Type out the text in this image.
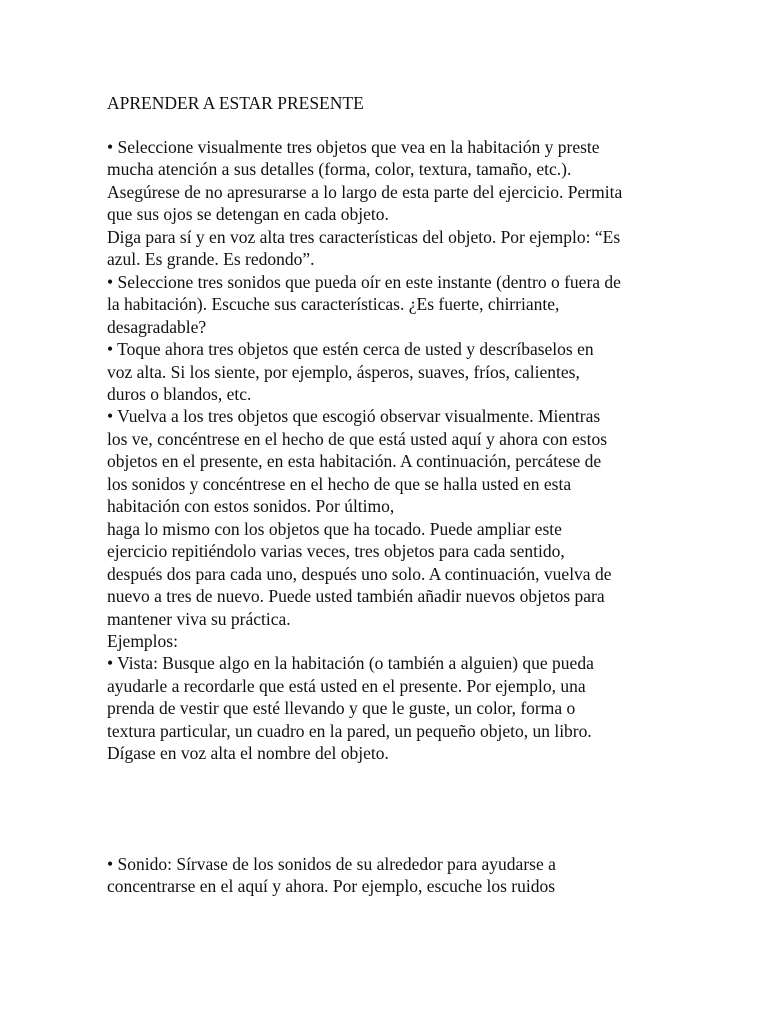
APRENDER A ESTAR PRESENTE

• Seleccione visualmente tres objetos que vea en la habitación y preste

mucha atención a sus detalles (forma, color, textura, tamaño, etc.).

Asegúrese de no apresurarse a lo largo de esta parte del ejercicio. Permita

que sus ojos se detengan en cada objeto.

Diga para sí y en voz alta tres características del objeto. Por ejemplo: “Es

azul. Es grande. Es redondo”.

• Seleccione tres sonidos que pueda oír en este instante (dentro o fuera de

la habitación). Escuche sus características. ¿Es fuerte, chirriante,

desagradable?

• Toque ahora tres objetos que estén cerca de usted y descríbaselos en

voz alta. Si los siente, por ejemplo, ásperos, suaves, fríos, calientes,

duros o blandos, etc.

• Vuelva a los tres objetos que escogió observar visualmente. Mientras

los ve, concéntrese en el hecho de que está usted aquí y ahora con estos

objetos en el presente, en esta habitación. A continuación, percátese de

los sonidos y concéntrese en el hecho de que se halla usted en esta

habitación con estos sonidos. Por último,

haga lo mismo con los objetos que ha tocado. Puede ampliar este

ejercicio repitiéndolo varias veces, tres objetos para cada sentido,

después dos para cada uno, después uno solo. A continuación, vuelva de

nuevo a tres de nuevo. Puede usted también añadir nuevos objetos para

mantener viva su práctica.

Ejemplos:

• Vista: Busque algo en la habitación (o también a alguien) que pueda

ayudarle a recordarle que está usted en el presente. Por ejemplo, una

prenda de vestir que esté llevando y que le guste, un color, forma o

textura particular, un cuadro en la pared, un pequeño objeto, un libro.

Dígase en voz alta el nombre del objeto.

• Sonido: Sírvase de los sonidos de su alrededor para ayudarse a

concentrarse en el aquí y ahora. Por ejemplo, escuche los ruidos
